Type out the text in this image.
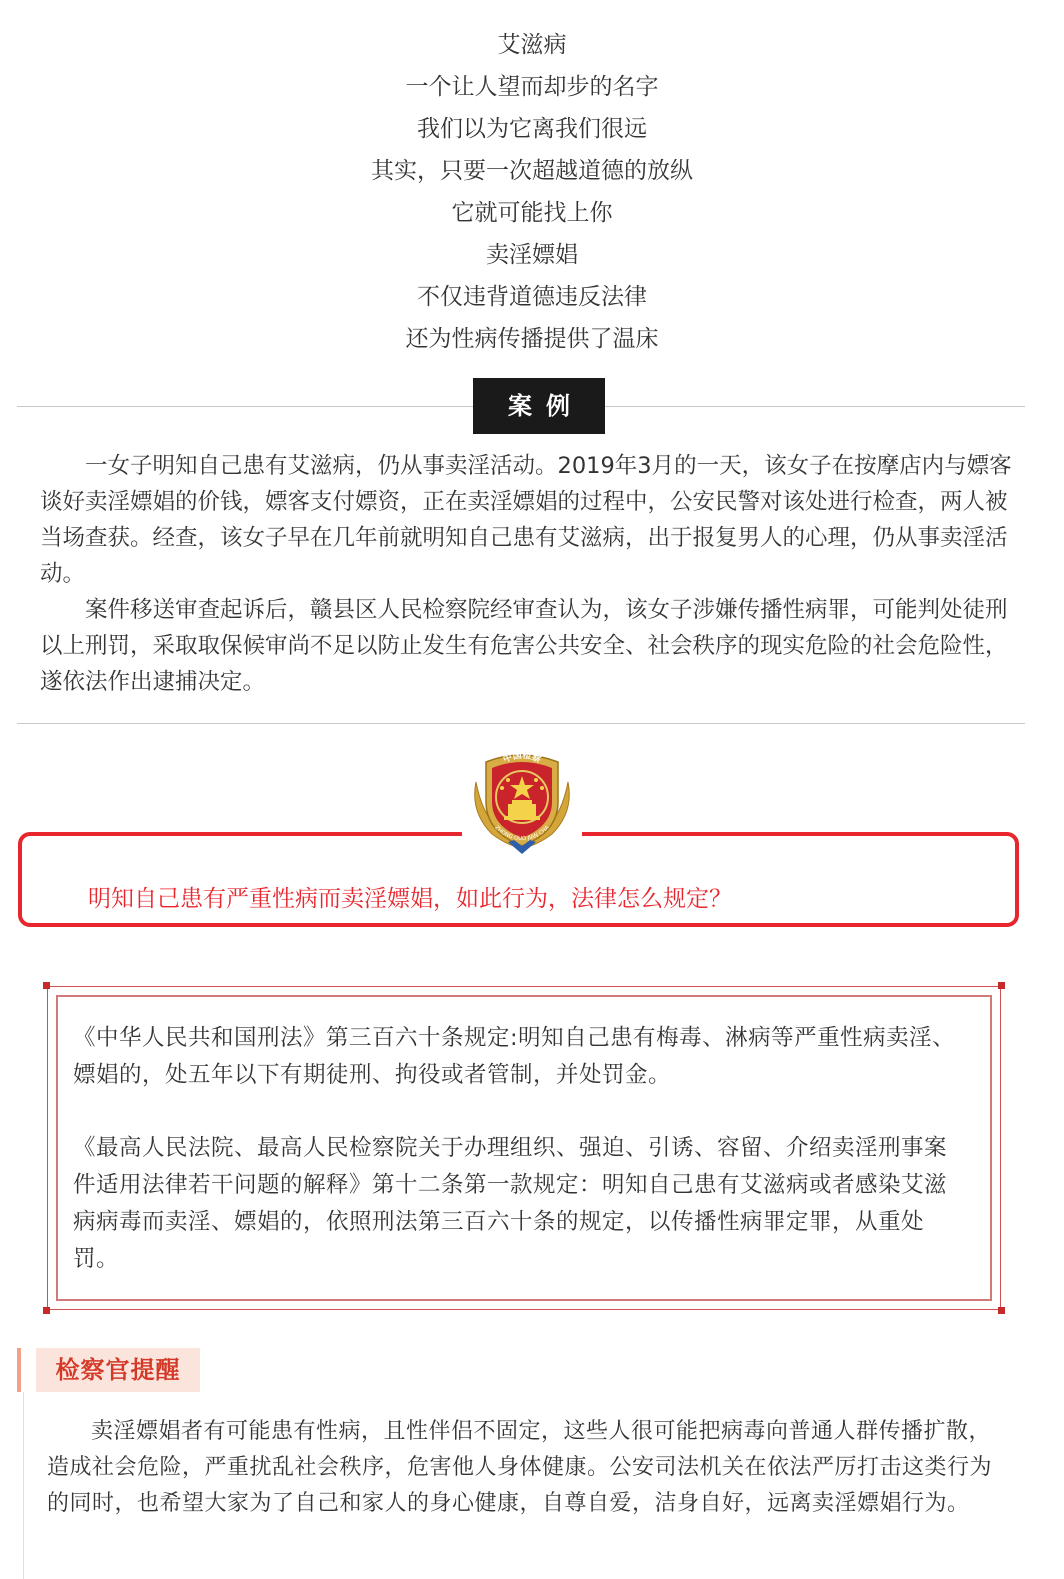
艾滋病
一个让人望而却步的名字
我们以为它离我们很远
其实，只要一次超越道德的放纵
它就可能找上你
卖淫嫖娼
不仅违背道德违反法律
还为性病传播提供了温床
案例

一女子明知自己患有艾滋病，仍从事卖淫活动。2019年3月的一天，该女子在按摩店内与嫖客谈好卖淫嫖娼的价钱，嫖客支付嫖资，正在卖淫嫖娼的过程中，公安民警对该处进行检查，两人被当场查获。经查，该女子早在几年前就明知自己患有艾滋病，出于报复男人的心理，仍从事卖淫活动。

案件移送审查起诉后，赣县区人民检察院经审查认为，该女子涉嫌传播性病罪，可能判处徒刑以上刑罚，采取取保候审尚不足以防止发生有危害公共安全、社会秩序的现实危险的社会危险性，遂依法作出逮捕决定。

明知自己患有严重性病而卖淫嫖娼，如此行为，法律怎么规定？
中国检察
ZHONG GUO JIAN CHA

《中华人民共和国刑法》第三百六十条规定:明知自己患有梅毒、淋病等严重性病卖淫、嫖娼的，处五年以下有期徒刑、拘役或者管制，并处罚金。

《最高人民法院、最高人民检察院关于办理组织、强迫、引诱、容留、介绍卖淫刑事案件适用法律若干问题的解释》第十二条第一款规定：明知自己患有艾滋病或者感染艾滋病病毒而卖淫、嫖娼的，依照刑法第三百六十条的规定，以传播性病罪定罪，从重处罚。

检察官提醒

卖淫嫖娼者有可能患有性病，且性伴侣不固定，这些人很可能把病毒向普通人群传播扩散，造成社会危险，严重扰乱社会秩序，危害他人身体健康。公安司法机关在依法严厉打击这类行为的同时，也希望大家为了自己和家人的身心健康，自尊自爱，洁身自好，远离卖淫嫖娼行为。
